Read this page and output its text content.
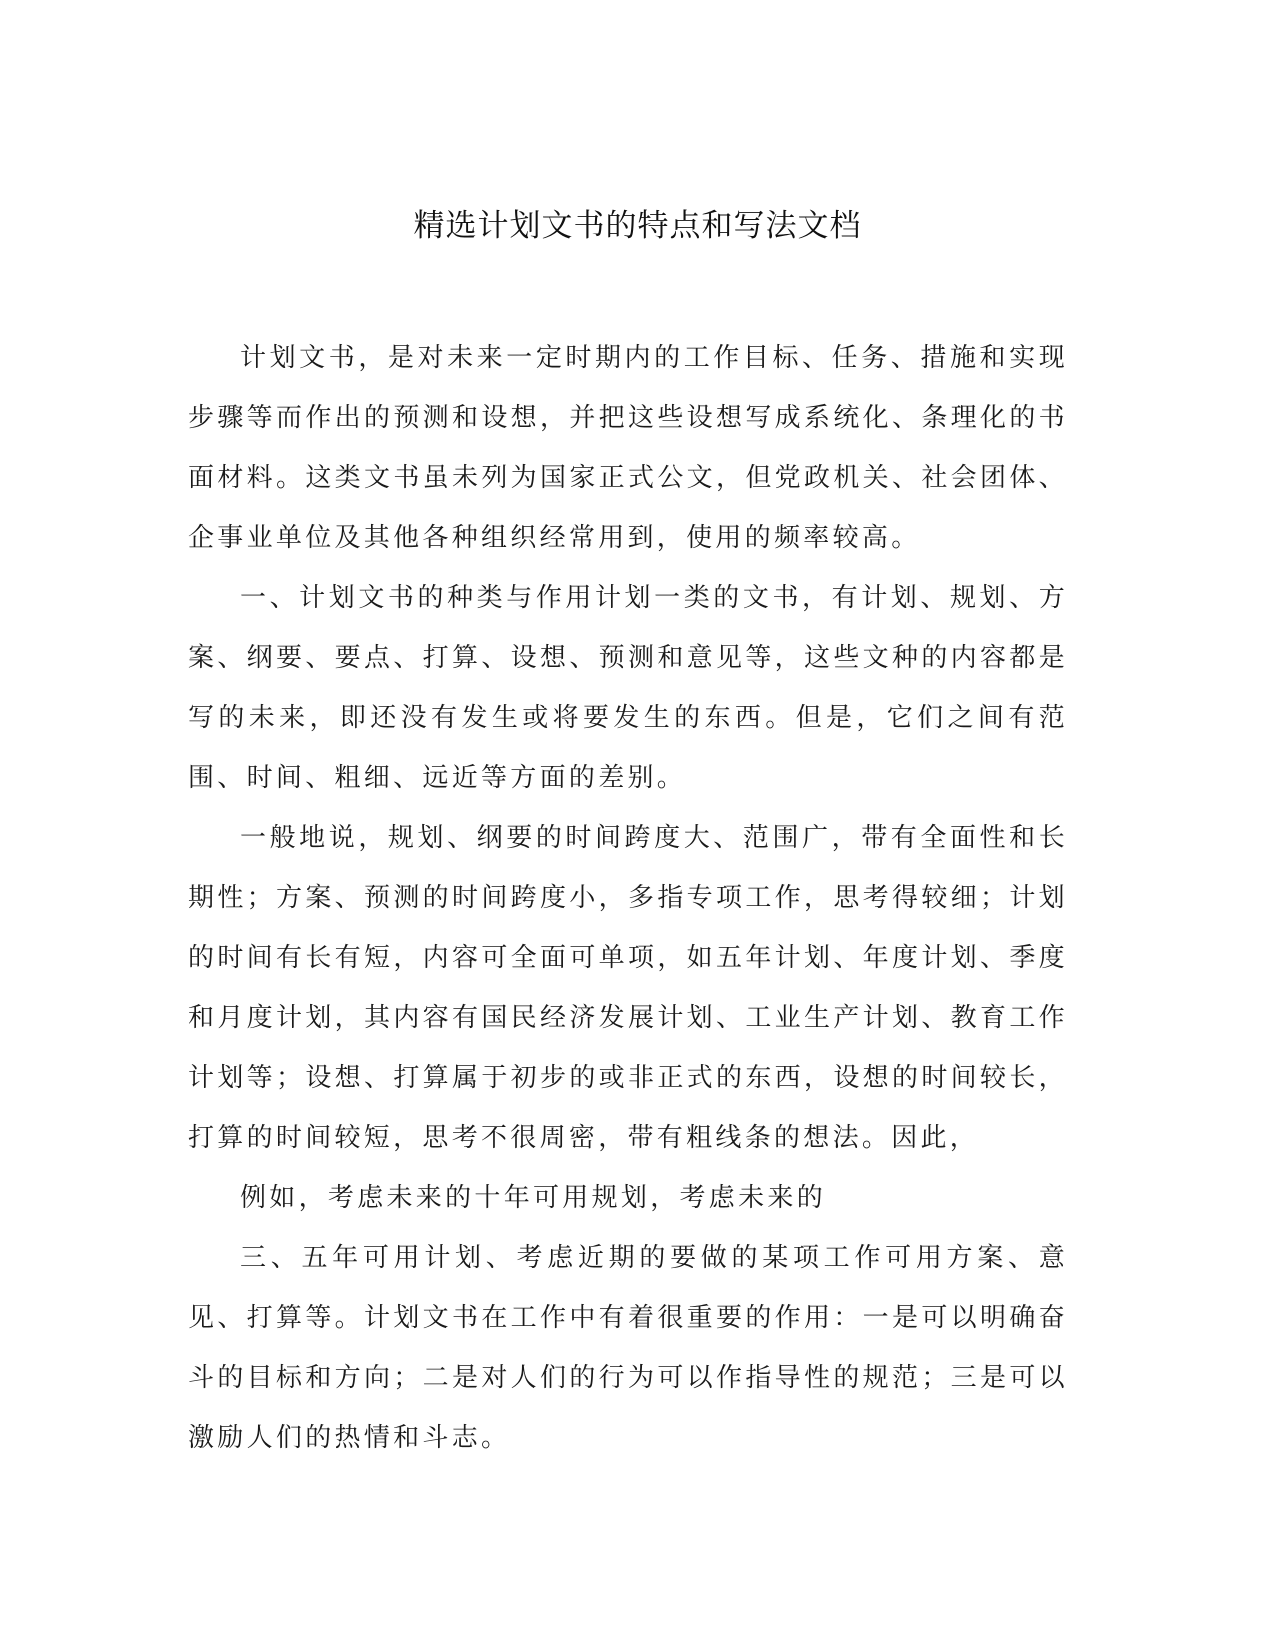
精选计划文书的特点和写法文档

计划文书，是对未来一定时期内的工作目标、任务、措施和实现步骤等而作出的预测和设想，并把这些设想写成系统化、条理化的书面材料。这类文书虽未列为国家正式公文，但党政机关、社会团体、企事业单位及其他各种组织经常用到，使用的频率较高。

一、计划文书的种类与作用计划一类的文书，有计划、规划、方案、纲要、要点、打算、设想、预测和意见等，这些文种的内容都是写的未来，即还没有发生或将要发生的东西。但是，它们之间有范围、时间、粗细、远近等方面的差别。

一般地说，规划、纲要的时间跨度大、范围广，带有全面性和长期性；方案、预测的时间跨度小，多指专项工作，思考得较细；计划的时间有长有短，内容可全面可单项，如五年计划、年度计划、季度和月度计划，其内容有国民经济发展计划、工业生产计划、教育工作计划等；设想、打算属于初步的或非正式的东西，设想的时间较长，打算的时间较短，思考不很周密，带有粗线条的想法。因此，

例如，考虑未来的十年可用规划，考虑未来的

三、五年可用计划、考虑近期的要做的某项工作可用方案、意见、打算等。计划文书在工作中有着很重要的作用：一是可以明确奋斗的目标和方向；二是对人们的行为可以作指导性的规范；三是可以激励人们的热情和斗志。
